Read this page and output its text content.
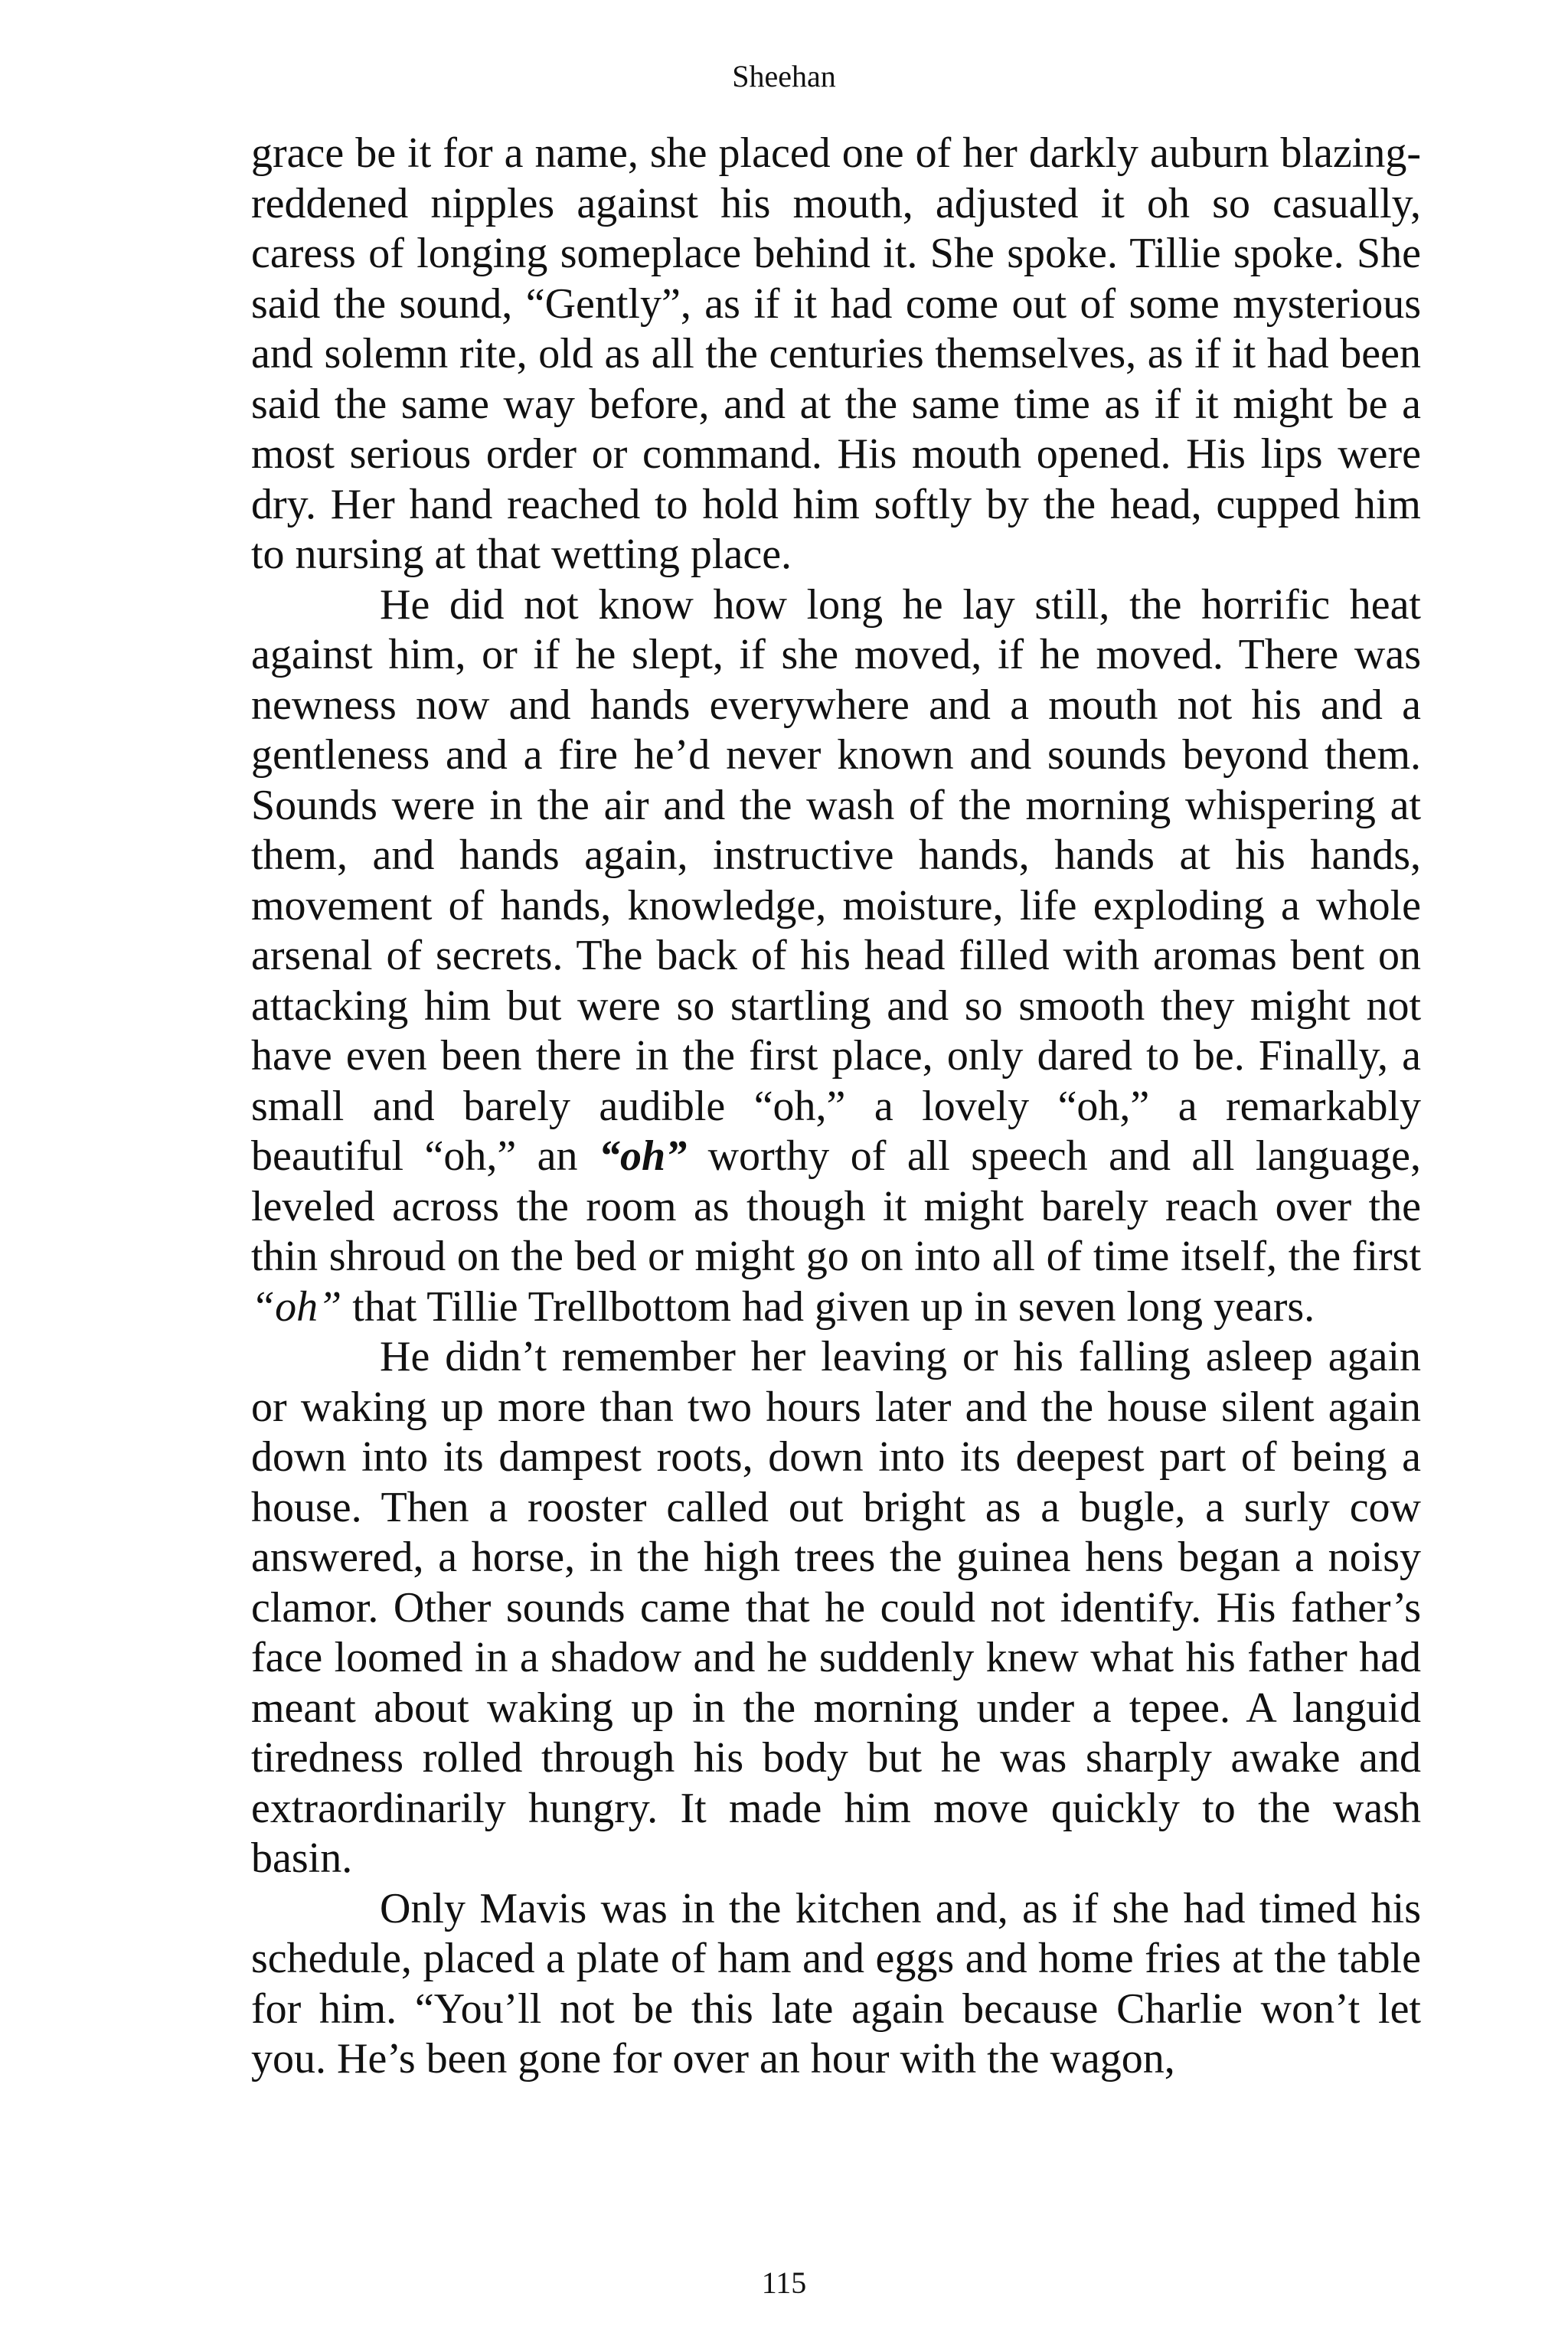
Sheehan

grace be it for a name, she placed one of her darkly auburn blazing-reddened nipples against his mouth, adjusted it oh so casually, caress of longing someplace behind it. She spoke. Tillie spoke. She said the sound, “Gently”, as if it had come out of some mysterious and solemn rite, old as all the centuries themselves, as if it had been said the same way before, and at the same time as if it might be a most serious order or command. His mouth opened. His lips were dry. Her hand reached to hold him softly by the head, cupped him to nursing at that wetting place.

He did not know how long he lay still, the horrific heat against him, or if he slept, if she moved, if he moved. There was newness now and hands everywhere and a mouth not his and a gentleness and a fire he’d never known and sounds beyond them. Sounds were in the air and the wash of the morning whispering at them, and hands again, instructive hands, hands at his hands, movement of hands, knowledge, moisture, life exploding a whole arsenal of secrets. The back of his head filled with aromas bent on attacking him but were so startling and so smooth they might not have even been there in the first place, only dared to be. Finally, a small and barely audible “oh,” a lovely “oh,” a remarkably beautiful “oh,” an “oh” worthy of all speech and all language, leveled across the room as though it might barely reach over the thin shroud on the bed or might go on into all of time itself, the first “oh” that Tillie Trellbottom had given up in seven long years.

He didn’t remember her leaving or his falling asleep again or waking up more than two hours later and the house silent again down into its dampest roots, down into its deepest part of being a house. Then a rooster called out bright as a bugle, a surly cow answered, a horse, in the high trees the guinea hens began a noisy clamor. Other sounds came that he could not identify. His father’s face loomed in a shadow and he suddenly knew what his father had meant about waking up in the morning under a tepee. A languid tiredness rolled through his body but he was sharply awake and extraordinarily hungry. It made him move quickly to the wash basin.

Only Mavis was in the kitchen and, as if she had timed his schedule, placed a plate of ham and eggs and home fries at the table for him. “You’ll not be this late again because Charlie won’t let you. He’s been gone for over an hour with the wagon,

115
